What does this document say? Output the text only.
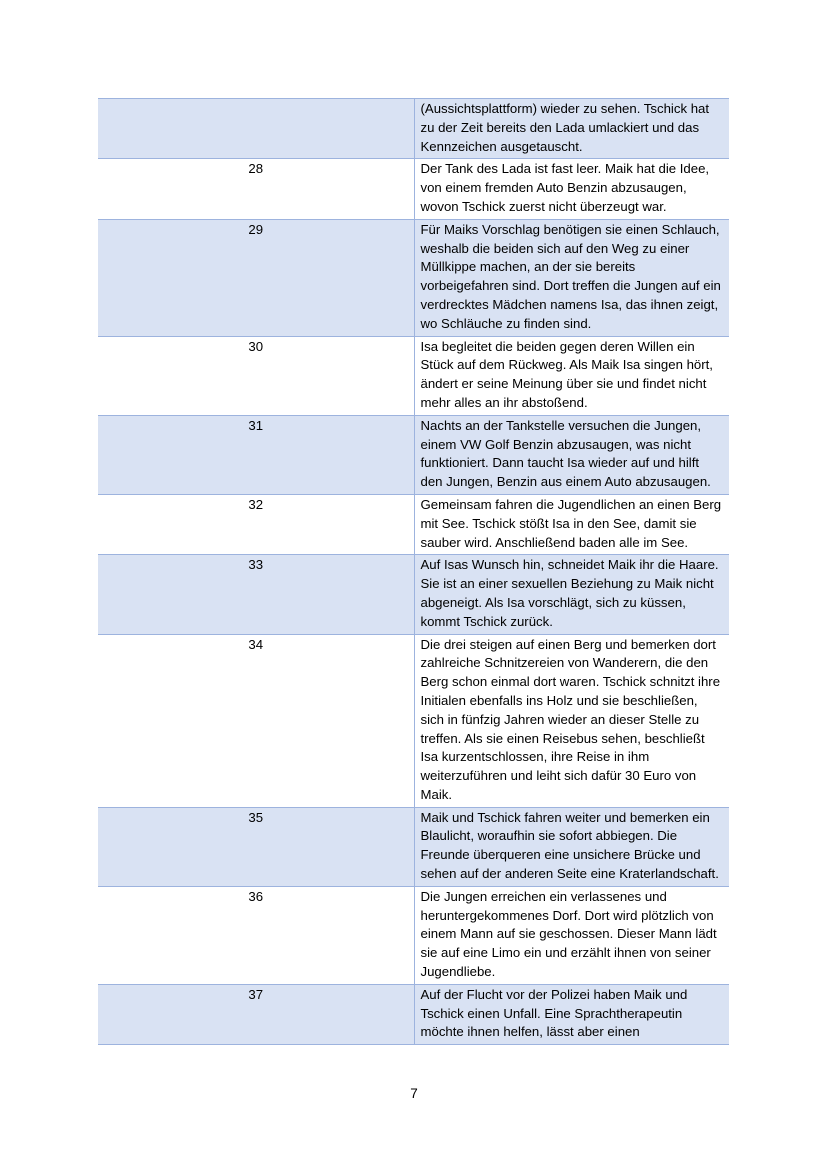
	(Aussichtsplattform) wieder zu sehen. Tschick hat zu der Zeit bereits den Lada umlackiert und das Kennzeichen ausgetauscht.
28	Der Tank des Lada ist fast leer. Maik hat die Idee, von einem fremden Auto Benzin abzusaugen, wovon Tschick zuerst nicht überzeugt war.
29	Für Maiks Vorschlag benötigen sie einen Schlauch, weshalb die beiden sich auf den Weg zu einer Müllkippe machen, an der sie bereits vorbeigefahren sind. Dort treffen die Jungen auf ein verdrecktes Mädchen namens Isa, das ihnen zeigt, wo Schläuche zu finden sind.
30	Isa begleitet die beiden gegen deren Willen ein Stück auf dem Rückweg. Als Maik Isa singen hört, ändert er seine Meinung über sie und findet nicht mehr alles an ihr abstoßend.
31	Nachts an der Tankstelle versuchen die Jungen, einem VW Golf Benzin abzusaugen, was nicht funktioniert. Dann taucht Isa wieder auf und hilft den Jungen, Benzin aus einem Auto abzusaugen.
32	Gemeinsam fahren die Jugendlichen an einen Berg mit See. Tschick stößt Isa in den See, damit sie sauber wird. Anschließend baden alle im See.
33	Auf Isas Wunsch hin, schneidet Maik ihr die Haare. Sie ist an einer sexuellen Beziehung zu Maik nicht abgeneigt. Als Isa vorschlägt, sich zu küssen, kommt Tschick zurück.
34	Die drei steigen auf einen Berg und bemerken dort zahlreiche Schnitzereien von Wanderern, die den Berg schon einmal dort waren. Tschick schnitzt ihre Initialen ebenfalls ins Holz und sie beschließen, sich in fünfzig Jahren wieder an dieser Stelle zu treffen. Als sie einen Reisebus sehen, beschließt Isa kurzentschlossen, ihre Reise in ihm weiterzuführen und leiht sich dafür 30 Euro von Maik.
35	Maik und Tschick fahren weiter und bemerken ein Blaulicht, woraufhin sie sofort abbiegen. Die Freunde überqueren eine unsichere Brücke und sehen auf der anderen Seite eine Kraterlandschaft.
36	Die Jungen erreichen ein verlassenes und heruntergekommenes Dorf. Dort wird plötzlich von einem Mann auf sie geschossen. Dieser Mann lädt sie auf eine Limo ein und erzählt ihnen von seiner Jugendliebe.
37	Auf der Flucht vor der Polizei haben Maik und Tschick einen Unfall. Eine Sprachtherapeutin möchte ihnen helfen, lässt aber einen
7
